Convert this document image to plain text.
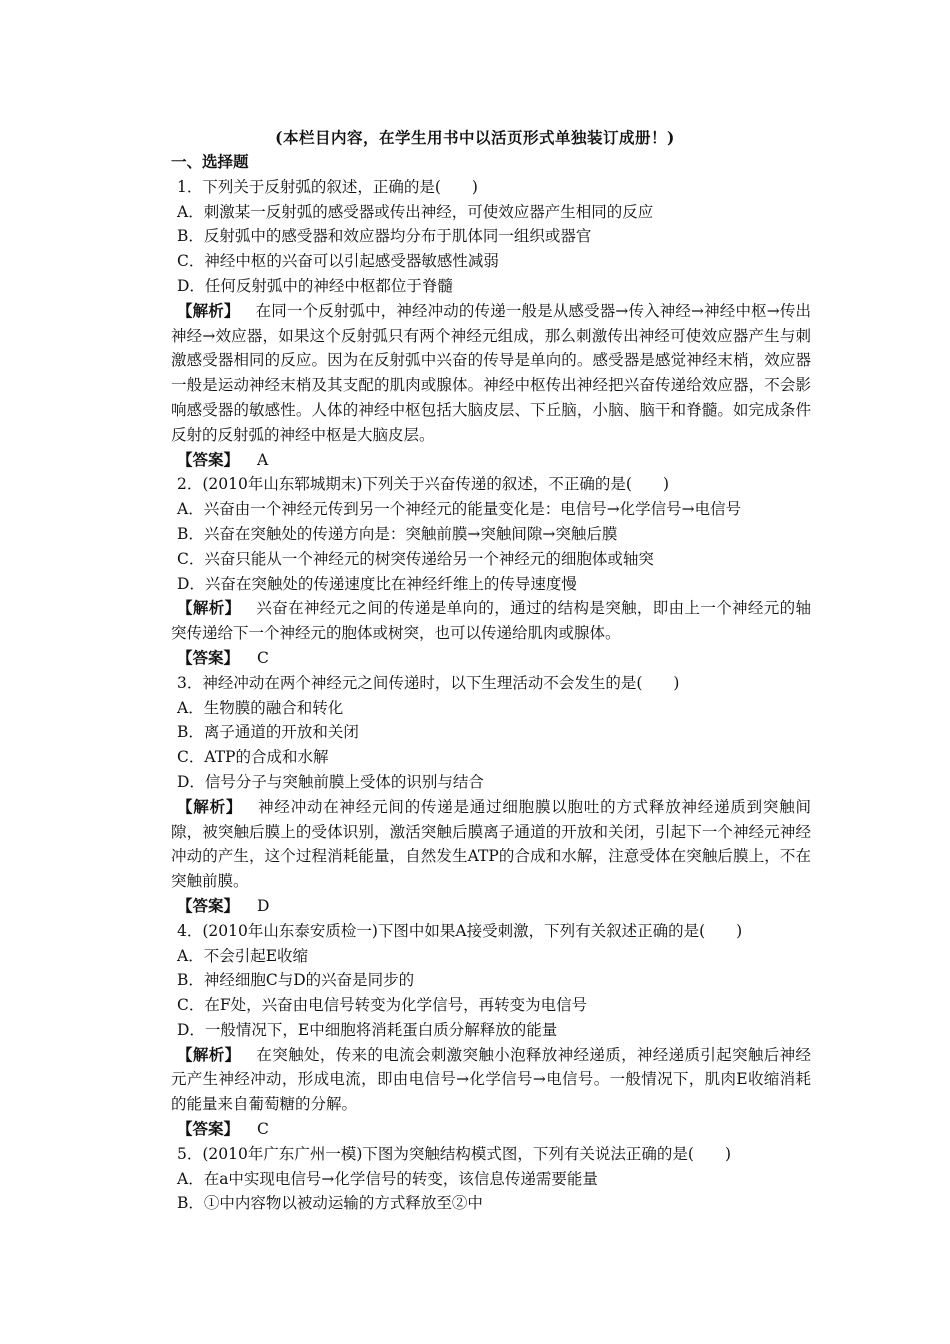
(本栏目内容，在学生用书中以活页形式单独装订成册！)
一、选择题
1．下列关于反射弧的叙述，正确的是(　　)
A．刺激某一反射弧的感受器或传出神经，可使效应器产生相同的反应
B．反射弧中的感受器和效应器均分布于肌体同一组织或器官
C．神经中枢的兴奋可以引起感受器敏感性减弱
D．任何反射弧中的神经中枢都位于脊髓
【解析】 在同一个反射弧中，神经冲动的传递一般是从感受器→传入神经→神经中枢→传出神经→效应器，如果这个反射弧只有两个神经元组成，那么刺激传出神经可使效应器产生与刺激感受器相同的反应。因为在反射弧中兴奋的传导是单向的。感受器是感觉神经末梢，效应器一般是运动神经末梢及其支配的肌肉或腺体。神经中枢传出神经把兴奋传递给效应器，不会影响感受器的敏感性。人体的神经中枢包括大脑皮层、下丘脑，小脑、脑干和脊髓。如完成条件反射的反射弧的神经中枢是大脑皮层。
【答案】 A
2．(2010年山东郓城期末)下列关于兴奋传递的叙述，不正确的是(　　)
A．兴奋由一个神经元传到另一个神经元的能量变化是：电信号→化学信号→电信号
B．兴奋在突触处的传递方向是：突触前膜→突触间隙→突触后膜
C．兴奋只能从一个神经元的树突传递给另一个神经元的细胞体或轴突
D．兴奋在突触处的传递速度比在神经纤维上的传导速度慢
【解析】 兴奋在神经元之间的传递是单向的，通过的结构是突触，即由上一个神经元的轴突传递给下一个神经元的胞体或树突，也可以传递给肌肉或腺体。
【答案】 C
3．神经冲动在两个神经元之间传递时，以下生理活动不会发生的是(　　)
A．生物膜的融合和转化
B．离子通道的开放和关闭
C．ATP的合成和水解
D．信号分子与突触前膜上受体的识别与结合
【解析】 神经冲动在神经元间的传递是通过细胞膜以胞吐的方式释放神经递质到突触间隙，被突触后膜上的受体识别，激活突触后膜离子通道的开放和关闭，引起下一个神经元神经冲动的产生，这个过程消耗能量，自然发生ATP的合成和水解，注意受体在突触后膜上，不在突触前膜。
【答案】 D
4．(2010年山东泰安质检一)下图中如果A接受刺激，下列有关叙述正确的是(　　)
A．不会引起E收缩
B．神经细胞C与D的兴奋是同步的
C．在F处，兴奋由电信号转变为化学信号，再转变为电信号
D．一般情况下，E中细胞将消耗蛋白质分解释放的能量
【解析】 在突触处，传来的电流会刺激突触小泡释放神经递质，神经递质引起突触后神经元产生神经冲动，形成电流，即由电信号→化学信号→电信号。一般情况下，肌肉E收缩消耗的能量来自葡萄糖的分解。
【答案】 C
5．(2010年广东广州一模)下图为突触结构模式图，下列有关说法正确的是(　　)
A．在a中实现电信号→化学信号的转变，该信息传递需要能量
B．①中内容物以被动运输的方式释放至②中
